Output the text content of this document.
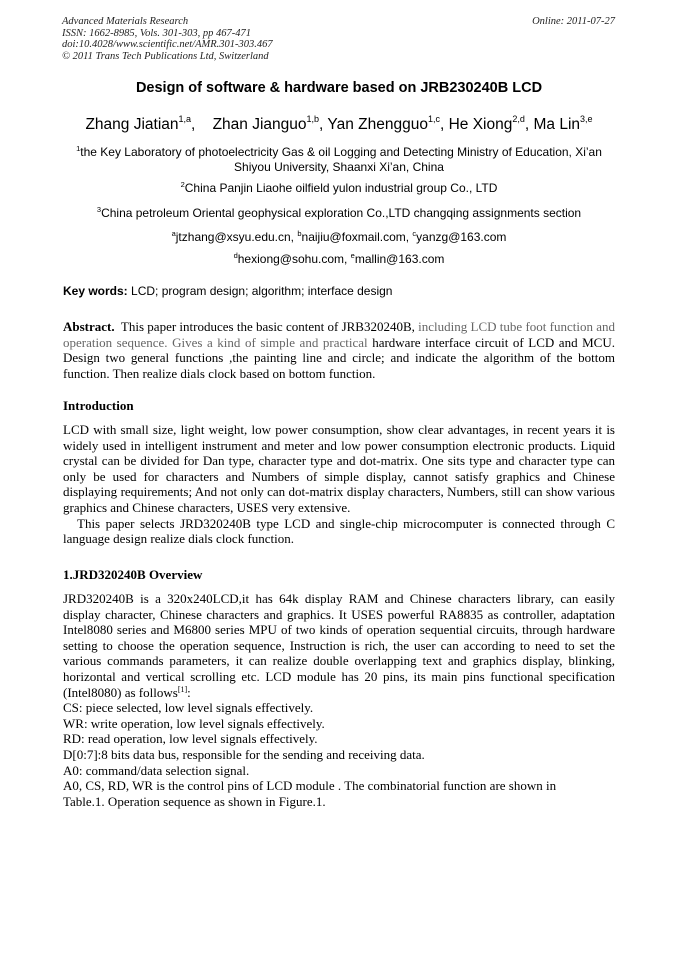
Advanced Materials Research
ISSN: 1662-8985, Vols. 301-303, pp 467-471
doi:10.4028/www.scientific.net/AMR.301-303.467
© 2011 Trans Tech Publications Ltd, Switzerland
Online: 2011-07-27
Design of software & hardware based on JRB230240B LCD
Zhang Jiatian$^{1,a}$,    Zhan Jianguo$^{1,b}$, Yan Zhengguo$^{1,c}$, He Xiong$^{2,d}$, Ma Lin$^{3,e}$
$^1$the Key Laboratory of photoelectricity Gas & oil Logging and Detecting Ministry of Education, Xi’an Shiyou University, Shaanxi Xi’an, China
$^2$China Panjin Liaohe oilfield yulon industrial group Co., LTD
$^3$China petroleum Oriental geophysical exploration Co.,LTD changqing assignments section
$^a$jtzhang@xsyu.edu.cn, $^b$naijiu@foxmail.com, $^c$yanzg@163.com
$^d$hexiong@sohu.com, $^e$mallin@163.com
Key words: LCD; program design; algorithm; interface design
Abstract.  This paper introduces the basic content of JRB320240B, including LCD tube foot function and operation sequence. Gives a kind of simple and practical hardware interface circuit of LCD and MCU. Design two general functions ,the painting line and circle; and indicate the algorithm of the bottom function. Then realize dials clock based on bottom function.
Introduction
LCD with small size, light weight, low power consumption, show clear advantages, in recent years it is widely used in intelligent instrument and meter and low power consumption electronic products. Liquid crystal can be divided for Dan type, character type and dot-matrix. One sits type and character type can only be used for characters and Numbers of simple display, cannot satisfy graphics and Chinese displaying requirements; And not only can dot-matrix display characters, Numbers, still can show various graphics and Chinese characters, USES very extensive.
This paper selects JRD320240B type LCD and single-chip microcomputer is connected through C language design realize dials clock function.
1.JRD320240B Overview
JRD320240B is a 320x240LCD,it has 64k display RAM and Chinese characters library, can easily display character, Chinese characters and graphics. It USES powerful RA8835 as controller, adaptation Intel8080 series and M6800 series MPU of two kinds of operation sequential circuits, through hardware setting to choose the operation sequence, Instruction is rich, the user can according to need to set the various commands parameters, it can realize double overlapping text and graphics display, blinking, horizontal and vertical scrolling etc. LCD module has 20 pins, its main pins functional specification (Intel8080) as follows[1]:
CS: piece selected, low level signals effectively.
WR: write operation, low level signals effectively.
RD: read operation, low level signals effectively.
D[0:7]:8 bits data bus, responsible for the sending and receiving data.
A0: command/data selection signal.
A0, CS, RD, WR is the control pins of LCD module . The combinatorial function are shown in
Table.1. Operation sequence as shown in Figure.1.
